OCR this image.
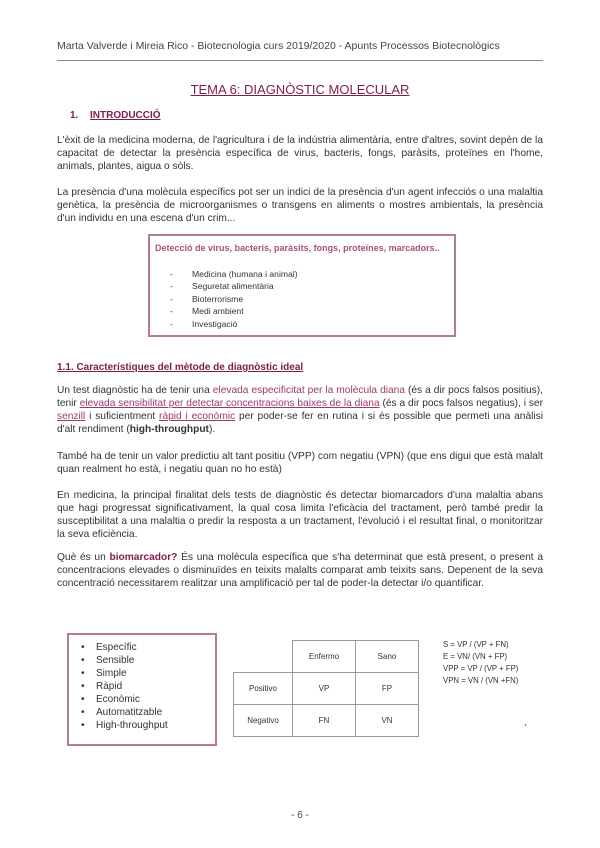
Marta Valverde i Mireia Rico - Biotecnologia curs 2019/2020 - Apunts Processos Biotecnològics
TEMA 6: DIAGNÒSTIC MOLECULAR
1. INTRODUCCIÓ

L'èxit de la medicina moderna, de l'agricultura i de la indústria alimentària, entre d'altres, sovint depèn de la capacitat de detectar la presència específica de virus, bacteris, fongs, paràsits, proteïnes en l'home, animals, plantes, aigua o sòls.

La presència d'una molècula específics pot ser un indici de la presència d'un agent infecciós o una malaltia genètica, la presència de microorganismes o transgens en aliments o mostres ambientals, la presència d'un individu en una escena d'un crim...

Detecció de virus, bacteris, paràsits, fongs, proteïnes, marcadors..
- Medicina (humana i animal)
- Seguretat alimentària
- Bioterrorisme
- Medi ambient
- Investigació
1.1. Característiques del mètode de diagnòstic ideal

Un test diagnòstic ha de tenir una elevada especificitat per la molècula diana (és a dir pocs falsos positius), tenir elevada sensibilitat per detectar concentracions baixes de la diana (és a dir pocs falsos negatius), i ser senzill i suficientment ràpid i econòmic per poder-se fer en rutina i si és possible que permeti una anàlisi d'alt rendiment (high-throughput).

També ha de tenir un valor predictiu alt tant positiu (VPP) com negatiu (VPN) (que ens digui que està malalt quan realment ho està, i negatiu quan no ho està)

En medicina, la principal finalitat dels tests de diagnòstic és detectar biomarcadors d'una malaltia abans que hagi progressat significativament, la qual cosa limita l'eficàcia del tractament, però també predir la susceptibilitat a una malaltia o predir la resposta a un tractament, l'evolució i el resultat final, o monitoritzar la seva eficiència.

Què és un biomarcador? És una molècula específica que s'ha determinat que està present, o present a concentracions elevades o disminuïdes en teixits malalts comparat amb teixits sans. Depenent de la seva concentració necessitarem realitzar una amplificació per tal de poder-la detectar i/o quantificar.

• Específic
• Sensible
• Simple
• Ràpid
• Econòmic
• Automatitzable
• High-throughput
	Enfermo	Sano
Positivo	VP	FP
Negativo	FN	VN
S = VP / (VP + FN)
E = VN/ (VN + FP)
VPP = VP / (VP + FP)
VPN = VN / (VN +FN)
,
- 6 -
